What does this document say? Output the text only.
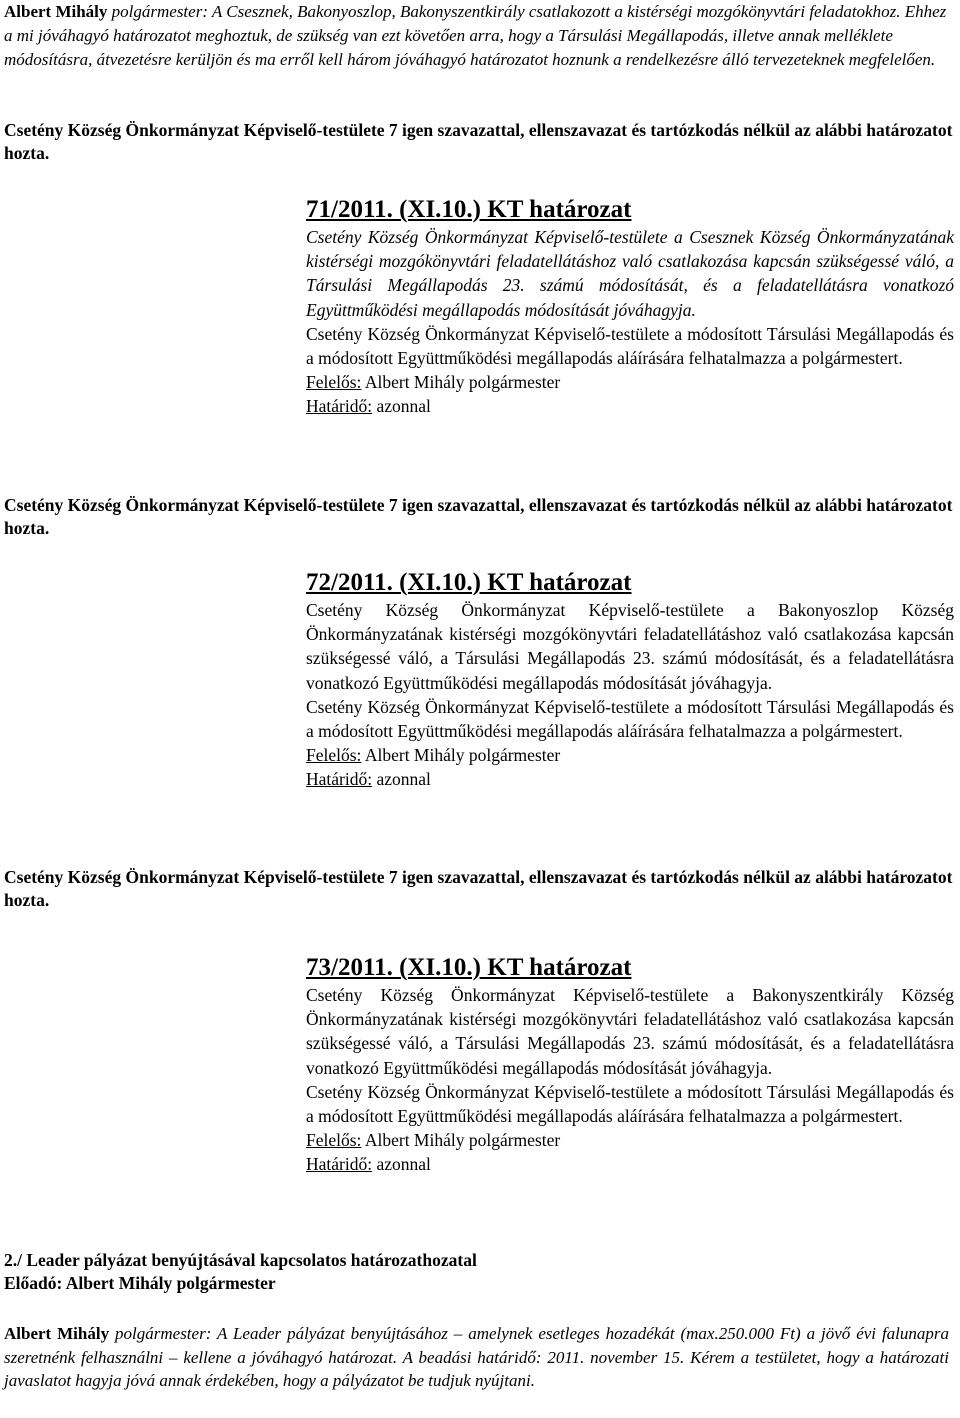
Albert Mihály polgármester: A Csesznek, Bakonyoszlop, Bakonyszentkirály csatlakozott a kistérségi mozgókönyvtári feladatokhoz. Ehhez a mi jóváhagyó határozatot meghoztuk, de szükség van ezt követően arra, hogy a Társulási Megállapodás, illetve annak melléklete módosításra, átvezetésre kerüljön és ma erről kell három jóváhagyó határozatot hoznunk a rendelkezésre álló tervezeteknek megfelelően.

Csetény Község Önkormányzat Képviselő-testülete 7 igen szavazattal, ellenszavazat és tartózkodás nélkül az alábbi határozatot hozta.
Csetény Község Önkormányzat Képviselő-testülete 7 igen szavazattal, ellenszavazat és tartózkodás nélkül az alábbi határozatot hozta.
Csetény Község Önkormányzat Képviselő-testülete 7 igen szavazattal, ellenszavazat és tartózkodás nélkül az alábbi határozatot hozta.
71/2011. (XI.10.) KT határozat

Csetény Község Önkormányzat Képviselő-testülete a Csesznek Község Önkormányzatának kistérségi mozgókönyvtári feladatellátáshoz való csatlakozása kapcsán szükségessé váló, a Társulási Megállapodás 23. számú módosítását, és a feladatellátásra vonatkozó Együttműködési megállapodás módosítását jóváhagyja.

Csetény Község Önkormányzat Képviselő-testülete a módosított Társulási Megállapodás és a módosított Együttműködési megállapodás aláírására felhatalmazza a polgármestert.

Felelős: Albert Mihály polgármester

Határidő: azonnal

72/2011. (XI.10.) KT határozat

Csetény Község Önkormányzat Képviselő-testülete a Bakonyoszlop Község Önkormányzatának kistérségi mozgókönyvtári feladatellátáshoz való csatlakozása kapcsán szükségessé váló, a Társulási Megállapodás 23. számú módosítását, és a feladatellátásra vonatkozó Együttműködési megállapodás módosítását jóváhagyja.

Csetény Község Önkormányzat Képviselő-testülete a módosított Társulási Megállapodás és a módosított Együttműködési megállapodás aláírására felhatalmazza a polgármestert.

Felelős: Albert Mihály polgármester

Határidő: azonnal

73/2011. (XI.10.) KT határozat

Csetény Község Önkormányzat Képviselő-testülete a Bakonyszentkirály Község Önkormányzatának kistérségi mozgókönyvtári feladatellátáshoz való csatlakozása kapcsán szükségessé váló, a Társulási Megállapodás 23. számú módosítását, és a feladatellátásra vonatkozó Együttműködési megállapodás módosítását jóváhagyja.

Csetény Község Önkormányzat Képviselő-testülete a módosított Társulási Megállapodás és a módosított Együttműködési megállapodás aláírására felhatalmazza a polgármestert.

Felelős: Albert Mihály polgármester

Határidő: azonnal

2./ Leader pályázat benyújtásával kapcsolatos határozathozatal
Előadó: Albert Mihály polgármester
Albert Mihály polgármester: A Leader pályázat benyújtásához – amelynek esetleges hozadékát (max.250.000 Ft) a jövő évi falunapra szeretnénk felhasználni – kellene a jóváhagyó határozat. A beadási határidő: 2011. november 15. Kérem a testületet, hogy a határozati javaslatot hagyja jóvá annak érdekében, hogy a pályázatot be tudjuk nyújtani.
